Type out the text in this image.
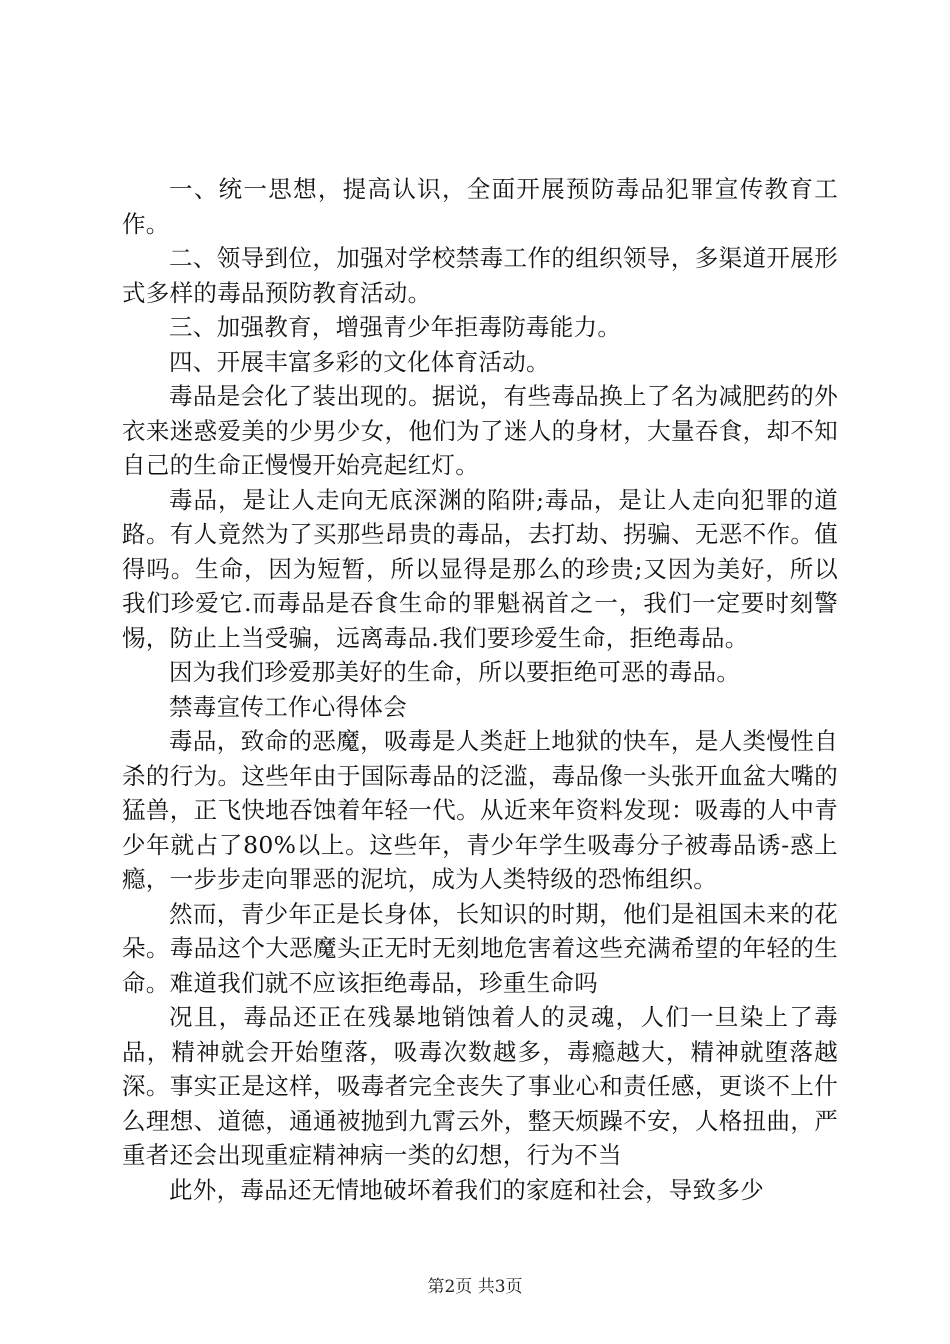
一、统一思想，提高认识，全面开展预防毒品犯罪宣传教育工作。

二、领导到位，加强对学校禁毒工作的组织领导，多渠道开展形式多样的毒品预防教育活动。

三、加强教育，增强青少年拒毒防毒能力。

四、开展丰富多彩的文化体育活动。

毒品是会化了装出现的。据说，有些毒品换上了名为减肥药的外衣来迷惑爱美的少男少女，他们为了迷人的身材，大量吞食，却不知自己的生命正慢慢开始亮起红灯。

毒品，是让人走向无底深渊的陷阱;毒品，是让人走向犯罪的道路。有人竟然为了买那些昂贵的毒品，去打劫、拐骗、无恶不作。值得吗。生命，因为短暂，所以显得是那么的珍贵;又因为美好，所以我们珍爱它.而毒品是吞食生命的罪魁祸首之一，我们一定要时刻警惕，防止上当受骗，远离毒品.我们要珍爱生命，拒绝毒品。

因为我们珍爱那美好的生命，所以要拒绝可恶的毒品。

禁毒宣传工作心得体会

毒品，致命的恶魔，吸毒是人类赶上地狱的快车，是人类慢性自杀的行为。这些年由于国际毒品的泛滥，毒品像一头张开血盆大嘴的猛兽，正飞快地吞蚀着年轻一代。从近来年资料发现：吸毒的人中青少年就占了80%以上。这些年，青少年学生吸毒分子被毒品诱-惑上瘾，一步步走向罪恶的泥坑，成为人类特级的恐怖组织。

然而，青少年正是长身体，长知识的时期，他们是祖国未来的花朵。毒品这个大恶魔头正无时无刻地危害着这些充满希望的年轻的生命。难道我们就不应该拒绝毒品，珍重生命吗

况且，毒品还正在残暴地销蚀着人的灵魂，人们一旦染上了毒品，精神就会开始堕落，吸毒次数越多，毒瘾越大，精神就堕落越深。事实正是这样，吸毒者完全丧失了事业心和责任感，更谈不上什么理想、道德，通通被抛到九霄云外，整天烦躁不安，人格扭曲，严重者还会出现重症精神病一类的幻想，行为不当

此外，毒品还无情地破坏着我们的家庭和社会，导致多少

第2页 共3页
